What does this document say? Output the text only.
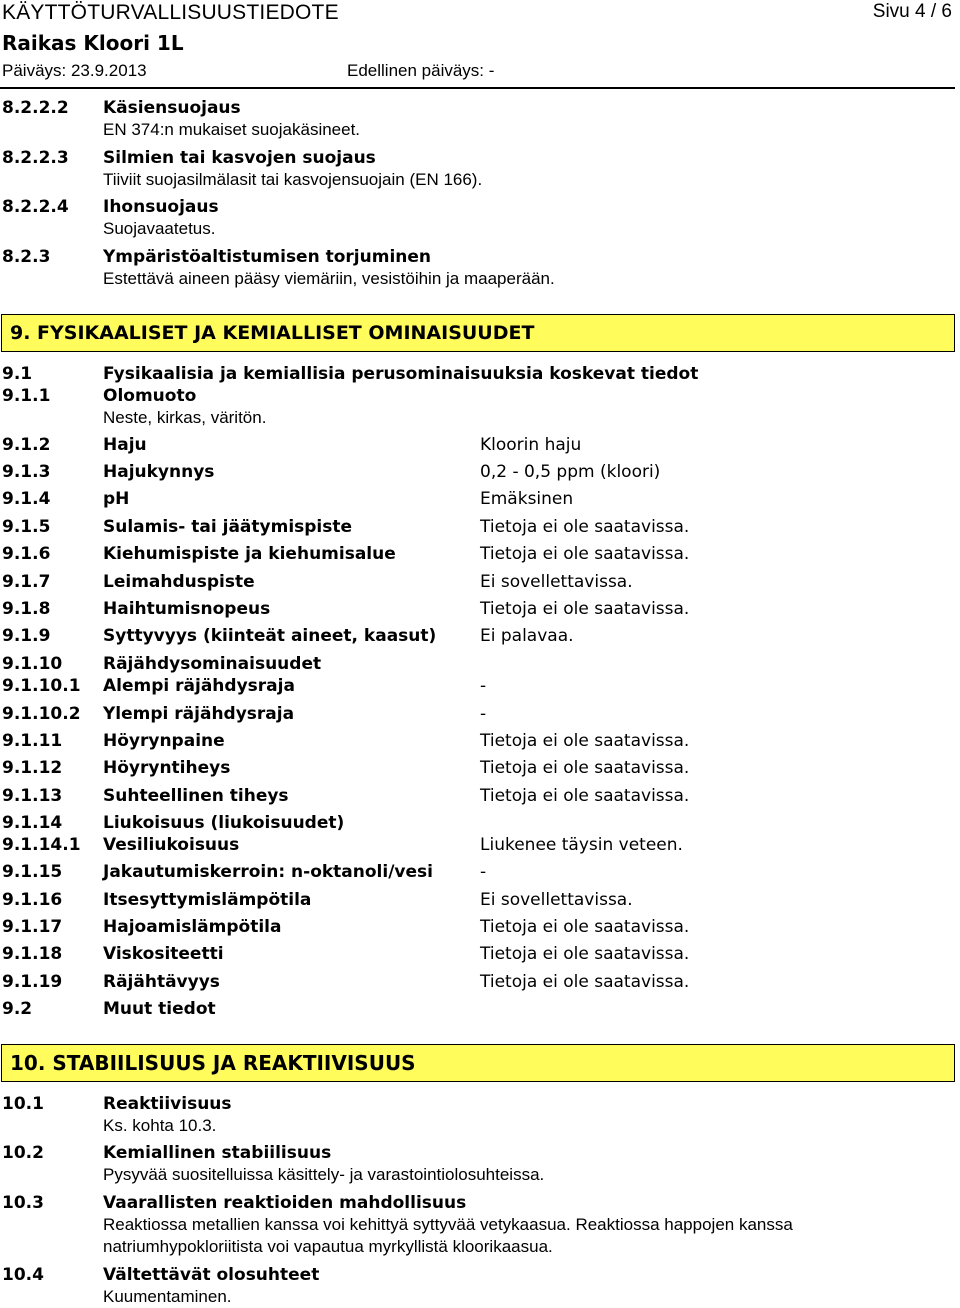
KÄYTTÖTURVALLISUUSTIEDOTE	Sivu 4 / 6
Raikas Kloori 1L
Päiväys: 23.9.2013	Edellinen päiväys: -
8.2.2.2 Käsiensuojaus
EN 374:n mukaiset suojakäsineet.
8.2.2.3 Silmien tai kasvojen suojaus
Tiiviit suojasilmälasit tai kasvojensuojain (EN 166).
8.2.2.4 Ihonsuojaus
Suojavaatetus.
8.2.3	Ympäristöaltistumisen torjuminen
Estettävä aineen pääsy viemäriin, vesistöihin ja maaperään.
9. FYSIKAALISET JA KEMIALLISET OMINAISUUDET
9.1	Fysikaalisia ja kemiallisia perusominaisuuksia koskevat tiedot
9.1.1	Olomuoto
Neste, kirkas, väritön.
9.1.2	Haju	Kloorin haju
9.1.3	Hajukynnys	0,2 - 0,5 ppm (kloori)
9.1.4	pH	Emäksinen
9.1.5	Sulamis- tai jäätymispiste	Tietoja ei ole saatavissa.
9.1.6	Kiehumispiste ja kiehumisalue	Tietoja ei ole saatavissa.
9.1.7	Leimahduspiste	Ei sovellettavissa.
9.1.8	Haihtumisnopeus	Tietoja ei ole saatavissa.
9.1.9	Syttyvyys (kiinteät aineet, kaasut)	Ei palavaa.
9.1.10 Räjähdysominaisuudet
9.1.10.1 Alempi räjähdysraja	-
9.1.10.2 Ylempi räjähdysraja	-
9.1.11 Höyrynpaine	Tietoja ei ole saatavissa.
9.1.12 Höyryntiheys	Tietoja ei ole saatavissa.
9.1.13 Suhteellinen tiheys	Tietoja ei ole saatavissa.
9.1.14 Liukoisuus (liukoisuudet)
9.1.14.1 Vesiliukoisuus	Liukenee täysin veteen.
9.1.15 Jakautumiskerroin: n-oktanoli/vesi	-
9.1.16 Itsesyttymislämpötila	Ei sovellettavissa.
9.1.17 Hajoamislämpötila	Tietoja ei ole saatavissa.
9.1.18 Viskositeetti	Tietoja ei ole saatavissa.
9.1.19 Räjähtävyys	Tietoja ei ole saatavissa.
9.2	Muut tiedot
10. STABIILISUUS JA REAKTIIVISUUS
10.1	Reaktiivisuus
Ks. kohta 10.3.
10.2	Kemiallinen stabiilisuus
Pysyvää suositelluissa käsittely- ja varastointiolosuhteissa.
10.3	Vaarallisten reaktioiden mahdollisuus
Reaktiossa metallien kanssa voi kehittyä syttyvää vetykaasua. Reaktiossa happojen kanssa
natriumhypokloriitista voi vapautua myrkyllistä kloorikaasua.
10.4	Vältettävät olosuhteet
Kuumentaminen.
